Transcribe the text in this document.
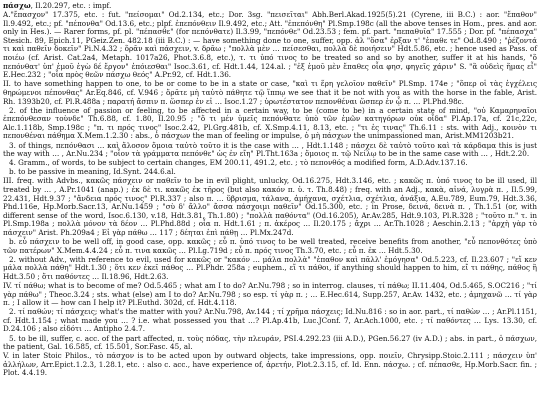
πάσχω, Il.20.297, etc. : impf.
A."ἔπασχον" 17.375, etc. : fut. "πείσομαι" Od.2.134, etc.; Dor. 3sg. "πεισεῖται" Abh.Berl.Akad.1925(5).21 (Cyrene, iii B.C.) : aor. "ἔπαθον" Il.9.492, etc.; pf. "πέπονθα" Od.13.6, etc.; plpf. ἐπεπόνθειν Il.9.492, etc.; Att. "ἐπεπόνθη" Pl.Smp.198c (all the above tenses in Hom., pres. and aor. only in Hes.). — Rarer forms, pf. pl. "πέπασθε" (for πεπόνθατε) Il.3.99, "πεπόνθε" Od.23.53 ; fem. pf. part. "πεπαθυῖα" 17.555 ; Dor. pf. "πέπασχα" Stesich. 89, Epich.11, PGeiz.Zen. 482.18 (iii B.C.) : — have something done to one, suffer, opp. ἀλ "ὅσα" ἐρξαν τ' "ἐπαθε τε" Od.8.490 ; "ῥέζοντά τι καὶ παθεῖν δοκεῖν" Pi.N.4.32 ; ὅρᾶν καὶ πάσχειν, v. δρᾶω ; "πολλὰ μὲν … πείσεσθαι, πολλὰ δὲ ποιήσειν" Hdt.5.86, etc. ; hence used as Pass. of ποιέω (cf. Arist. Cat.2a4, Metaph. 1017a26, Phot.3.6.8, etc.), τ. τι ὑπό τινος to be treated so and so by another, suffer it at his hands, "ὅ πεπόνθατ' ὑπ' ἐμοῦ ἐγὼ δέ ἔργον" ἐπόιεσθαι" Isoc.3.61, cf. Hdt.1.44, 124.al. ; "ἐξ ἐμοῦ μὲν ἔπαθες οἷα φησ, φηγεῖς χάριν" S. "ἃ οὐδεὶς ἥμας εἶ" E.Hec.232 ; "οἷα πρὸς θεῶν πάσχω θεός" A.Pr.92, cf. Hdt.1.36.
II. to have something happen to one, to be or come to be in a state or case, "καὶ τι ἕρη γελοῖον παθεῖν" Pl.Smp. 174e ; "ὅπερ οἱ τὰς ἐγχέλεις θηρώμενοι πέπονθας" Ar.Eq.846, cf. V.946 ; ὅρᾶτε μὴ ταὐτὸ πάθητε τῷ ἵππῳ we see that it be not with you as with the horse in the fable, Arist. Rh. 1393b20, cf. Pl.R.488a ; παρατή ἄσπιν π. ὥσπερ ἐν εἰ … Isoc.1.27 ; ὑρωτέστατον πεπονθέναι ὥσπερ ἐν ᾧ π. … Pl.Phd.98c.
2. of the influence of passion or feeling, to be affected in a certain way, to be (come to be) in a certain state of mind, "οὐ Καμαρηναῖοι ἐπεπόνθεσαν τοὺνδε" Th.6.88, cf. 1.80, Il.20.95 ; "ὅ τι μέν ὑμεῖς πεπόνθατε ὑπὸ τῶν ἐμῶν κατηγόρων οὐκ οἶδα" Pl.Ap.17a, cf. 21c,22c, Alc.1.118b, Smp.198c ; "π. τι πρός τινος" Isoc.2.42, Pl.Grg.481b, cf. X.Smp.4.11, 8.13, etc. ; "τι ἐς τινας" Th.6.11 : sts. with Adj., κοινὸν τι πεπονθέναι πάθημα X.Mem.1.2.30 : abs., ὁ πάσχων the man of feeling or impulse, ὁ μὴ πάσχων the unimpassioned man, Arist.MM1203b21.
3. of things, πεπόνθασι … καὶ ἄλοσον ὅμοια ταὐτὸ τοῦτο it is the case with … , Hdt.1.148 ; πάσχει δὲ ταὐτὸ τοῦτο καὶ τὰ κάρδαμα this is just the way with … , Ar.Nu.234 ; "οἷον τὰ γράμματα πεπόνθε" ὡς ἐν εἴη" Pl.Tht.163a ; ὅμοιος π. τῷ Νείλῳ to be in the same case with … , Hdt.2.20.
4. Gramm., of words, to be subject to certain changes, EM 200.11, 491.2, etc. ; τὸ πεπονθός a modified form, A.D.Adv.137.16.
b. to be passive in meaning, Id.Synt. 244.6.al.
III. freq. with Advbs., κακῶς πάσχειν or παθεῖν to be in evil plight, unlucky, Od.16.275, Hdt.3.146, etc. ; κακῶς π. ὑπό τινος to be ill used, ill treated by … , A.Pr.1041 (anap.) ; ἐκ δὲ τι. κακῶς ἐκ τῆρος (but also κακόν π. ὑ. τ. Th.8.48) ; freq. with an Adj., κακὰ, αἰνά, λυγρὰ π. , Il.5.99, 22.431, Hdt.9.37 ; "ἄνδεια πρός τινος" Pl.R.337 ; also π. … ὕβρισμα, τάλανα, ἀμήχανα, σχέτλια, σχέτλια, ἀνάξια, A.Eu.789, Eum.79, Hdt.3.36, Phd.116e, Hp.Morb.Sacr.13, Ar.Nu.1459 ; "σὺ δ' ἄλλο" ἄσσα πάσχοιμι παθεῖν" Od.15.300, etc. ; in Prose, δεινά, δεινὰ π. , Th.1.51 (or, with different sense of the word, Isoc.6.130, v.18, Hdt.3.81, Th.1.80) ; "πολλὰ παθόντα" (Od.16.205), Ar.Av.285, Hdt.9.103, Pl.R.328 ; "τοῦτο π." τ. in Pl.Smp.198a ; πολλὰ μόνον τὰ δέον … Pl.Phd.88d ; οἷα π. Hdt.1.61 ; π. ἀκέρος … Il.20.175 ; ἄχρι … Ar.Th.1028 ; Aeschin.2.13 ; "ἀρχὴ γὰρ τὸ πάσχειν" Arist. Ph.209a4 ; Εἰ γὰρ πάθω … 117 ; δέηται ἐπὶ πάθῃ … Pl.Mx.247d.
b. εὖ πάσχειν to be well off, in good case, opp. κακῶς ; εὖ π. ὑπό τινος to be well treated, receive benefits from another, "εὖ πεπονθότες ὑπὸ τῶν πατέρων" X.Mem.4.4.24 ; εὖ π. τινα κακῶς … Pl.Lg.719d ; εὖ π. πρός τινος Th.3.70, etc. ; εὖ π. ἐκ … Hdt.5.30.
2. without Adv., with reference to evil, used for κακῶς or "κακόν … μάλα πολλὰ" "ἐπαθον καὶ πᾶλλ' ἐμόγησα" Od.5.223, cf. Il.23.607 ; "εἴ κεν μάλα πολλὰ πάθη" Hdt.1.30 ; ὅτι κεν ἐκεῖ πάθος … Pl.Phdr. 258a ; euphem., εἴ τι πάθοι, if anything should happen to him, εἴ τι πάθης, πάθος ἢ Hdt.3.50 ; ὅτι παθόντες … Il.18.96, Hdt.2.63.
IV. τί πάθω; what is to become of me? Od.5.465 ; what am I to do? Ar.Nu.798 ; so in interrog. clauses, τί πάθω; II.11.404, Od.5.465, S.OC216 ; "τί γὰρ πάθω" ; Theoc.3.24 ; sts. what (else) am I to do? Ar.Nu.798 ; so esp. τί γὰρ π. ; … E.Hec.614, Supp.257, Ar.Av. 1432, etc. ; ἀμηχανῶ … τί γὰρ π. ; I allow it — how can I help it? Pl.Euthd. 302d, cf. Hdt.4.118.
2. τί παθών; τί πάσχεις; what's the matter with you? Ar.Nu.798, Av.144 ; τί χρῆμα πάσχεις; Id.Nu.816 : so in aor. part., τί παθὼν … ; Ar.Pl.1151, cf. Hdt.1.154 ; what made you … ? i.e. what possessed you that …? Pl.Ap.41b, Luc.JConf. 7, Ar.Ach.1000, etc. ; τί παθόντες … Lys. 13.30, cf. D.24.106 ; also εἰδότι … Antipho 2.4.7.
5. to be ill, suffer, c. acc. of the part affected, π. τοὺς πόδας, τὴν πλευράν, PSI.4.292.23 (iii A.D.), PGen.56.27 (iv A.D.) ; abs. in part., ὁ πάσχων, the patient, Gal. 16.585, cf. 15.501, Sor.Fasc. 45, al.
V. in later Stoic Philos., τὸ πάσχον is to be acted upon by outward objects, take impressions, opp. ποιεῖν, Chrysipp.Stoic.2.111 ; πάσχειν ὑπ' ἀλλήλων, Arr.Epict.1.2.3, 1.28.1, etc. : also c. acc., have experience of, ἀρετήν, Plot.2.3.15, cf. Id. Enn. πάσχω. ; cf. πέπασθε, Hp.Morb.Sacr. fin. ; Plot. 4.4.19.
